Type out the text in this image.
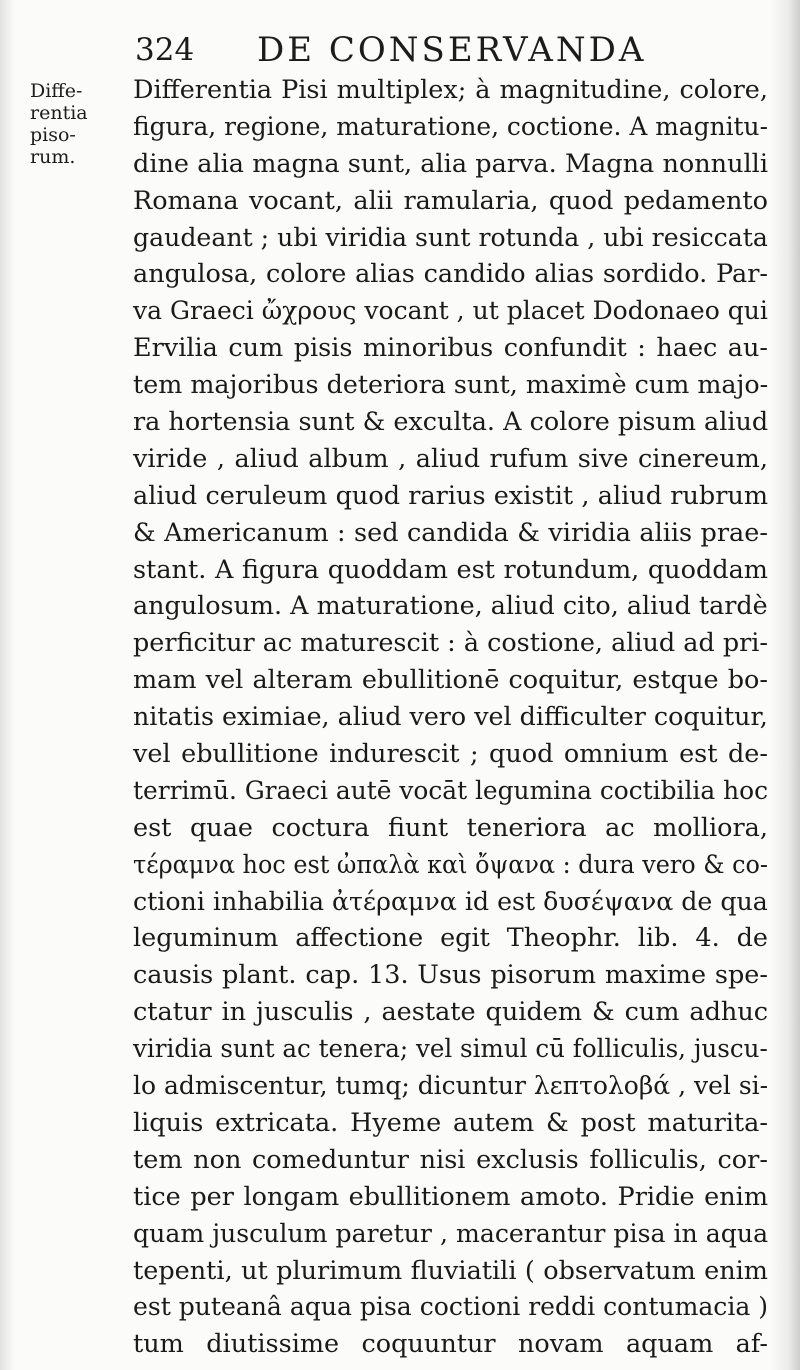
324 DE CONSERVANDA
Diffe-
rentia
piso-
rum.
Differentia Pisi multiplex; à magnitudine, colore,
figura, regione, maturatione, coctione. A magnitu-
dine alia magna sunt, alia parva. Magna nonnulli
Romana vocant, alii ramularia, quod pedamento
gaudeant ; ubi viridia sunt rotunda , ubi resiccata
angulosa, colore alias candido alias sordido. Par-
va Graeci ὤχρους vocant , ut placet Dodonaeo qui
Ervilia cum pisis minoribus confundit : haec au-
tem majoribus deteriora sunt, maximè cum majo-
ra hortensia sunt & exculta. A colore pisum aliud
viride , aliud album , aliud rufum sive cinereum,
aliud ceruleum quod rarius existit , aliud rubrum
& Americanum : sed candida & viridia aliis prae-
stant. A figura quoddam est rotundum, quoddam
angulosum. A maturatione, aliud cito, aliud tardè
perficitur ac maturescit : à costione, aliud ad pri-
mam vel alteram ebullitionē coquitur, estque bo-
nitatis eximiae, aliud vero vel difficulter coquitur,
vel ebullitione indurescit ; quod omnium est de-
terrimū. Graeci autē vocāt legumina coctibilia hoc
est quae coctura fiunt teneriora ac molliora,
τέραμνα hoc est ὠπαλὰ καὶ ὄψανα : dura vero & co-
ctioni inhabilia ἀτέραμνα id est δυσέψανα de qua
leguminum affectione egit Theophr. lib. 4. de
causis plant. cap. 13. Usus pisorum maxime spe-
ctatur in jusculis , aestate quidem & cum adhuc
viridia sunt ac tenera; vel simul cū folliculis, juscu-
lo admiscentur, tumq; dicuntur λεπτολοβά , vel si-
liquis extricata. Hyeme autem & post maturita-
tem non comeduntur nisi exclusis folliculis, cor-
tice per longam ebullitionem amoto. Pridie enim
quam jusculum paretur , macerantur pisa in aqua
tepenti, ut plurimum fluviatili ( observatum enim
est puteanâ aqua pisa coctioni reddi contumacia )
tum diutissime coquuntur novam aquam af-
